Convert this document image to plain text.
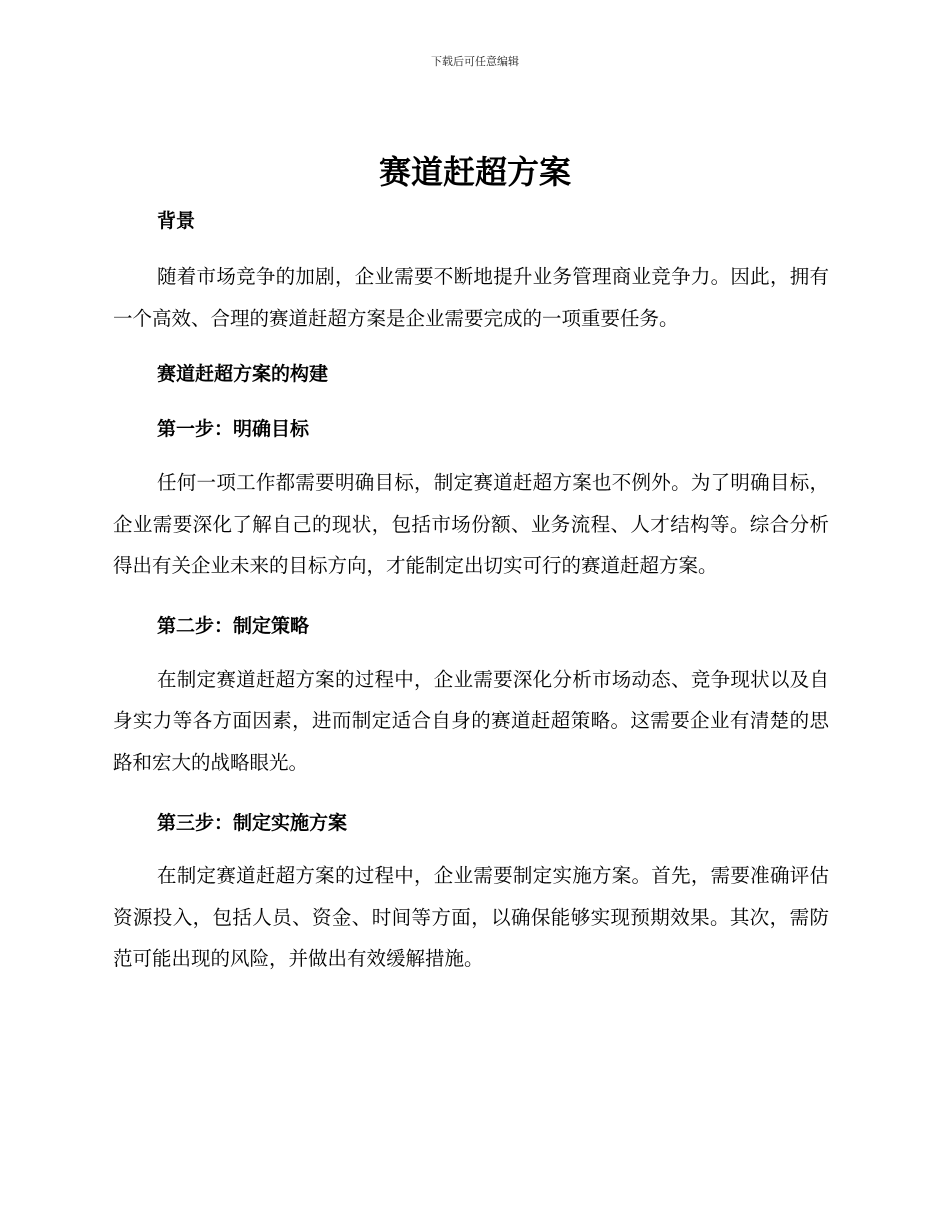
下载后可任意编辑
赛道赶超方案

背景

随着市场竞争的加剧，企业需要不断地提升业务管理商业竞争力。因此，拥有一个高效、合理的赛道赶超方案是企业需要完成的一项重要任务。

赛道赶超方案的构建

第一步：明确目标

任何一项工作都需要明确目标，制定赛道赶超方案也不例外。为了明确目标，企业需要深化了解自己的现状，包括市场份额、业务流程、人才结构等。综合分析得出有关企业未来的目标方向，才能制定出切实可行的赛道赶超方案。

第二步：制定策略

在制定赛道赶超方案的过程中，企业需要深化分析市场动态、竞争现状以及自身实力等各方面因素，进而制定适合自身的赛道赶超策略。这需要企业有清楚的思路和宏大的战略眼光。

第三步：制定实施方案

在制定赛道赶超方案的过程中，企业需要制定实施方案。首先，需要准确评估资源投入，包括人员、资金、时间等方面，以确保能够实现预期效果。其次，需防范可能出现的风险，并做出有效缓解措施。
